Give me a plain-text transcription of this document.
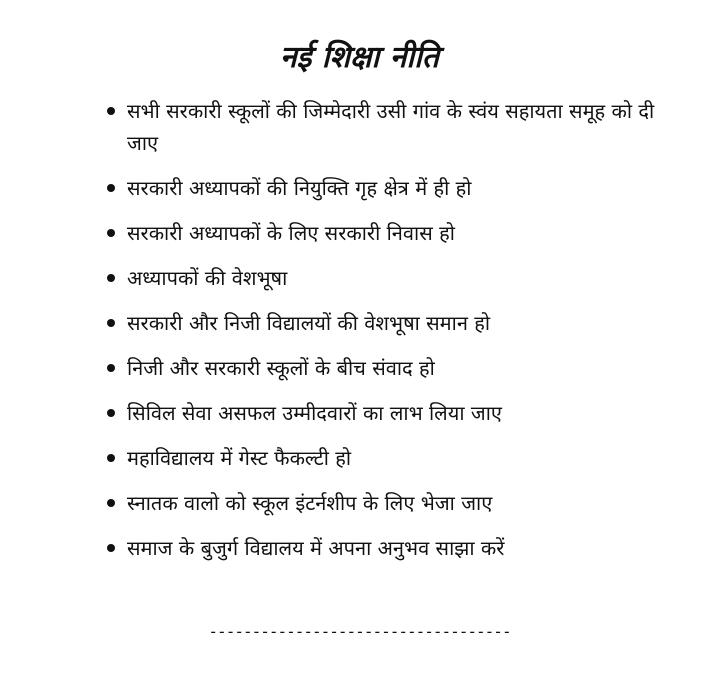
नई शिक्षा नीति
सभी सरकारी स्कूलों की जिम्मेदारी उसी गांव के स्वंय सहायता समूह को दी जाए
सरकारी अध्यापकों की नियुक्ति गृह क्षेत्र में ही हो
सरकारी अध्यापकों के लिए सरकारी निवास हो
अध्यापकों की वेशभूषा
सरकारी और निजी विद्यालयों की वेशभूषा समान हो
निजी और सरकारी स्कूलों के बीच संवाद हो
सिविल सेवा असफल उम्मीदवारों का लाभ लिया जाए
महाविद्यालय में गेस्ट फैकल्टी हो
स्नातक वालो को स्कूल इंटर्नशीप के लिए भेजा जाए
समाज के बुजुर्ग विद्यालय में अपना अनुभव साझा करें
-----------------------------------
